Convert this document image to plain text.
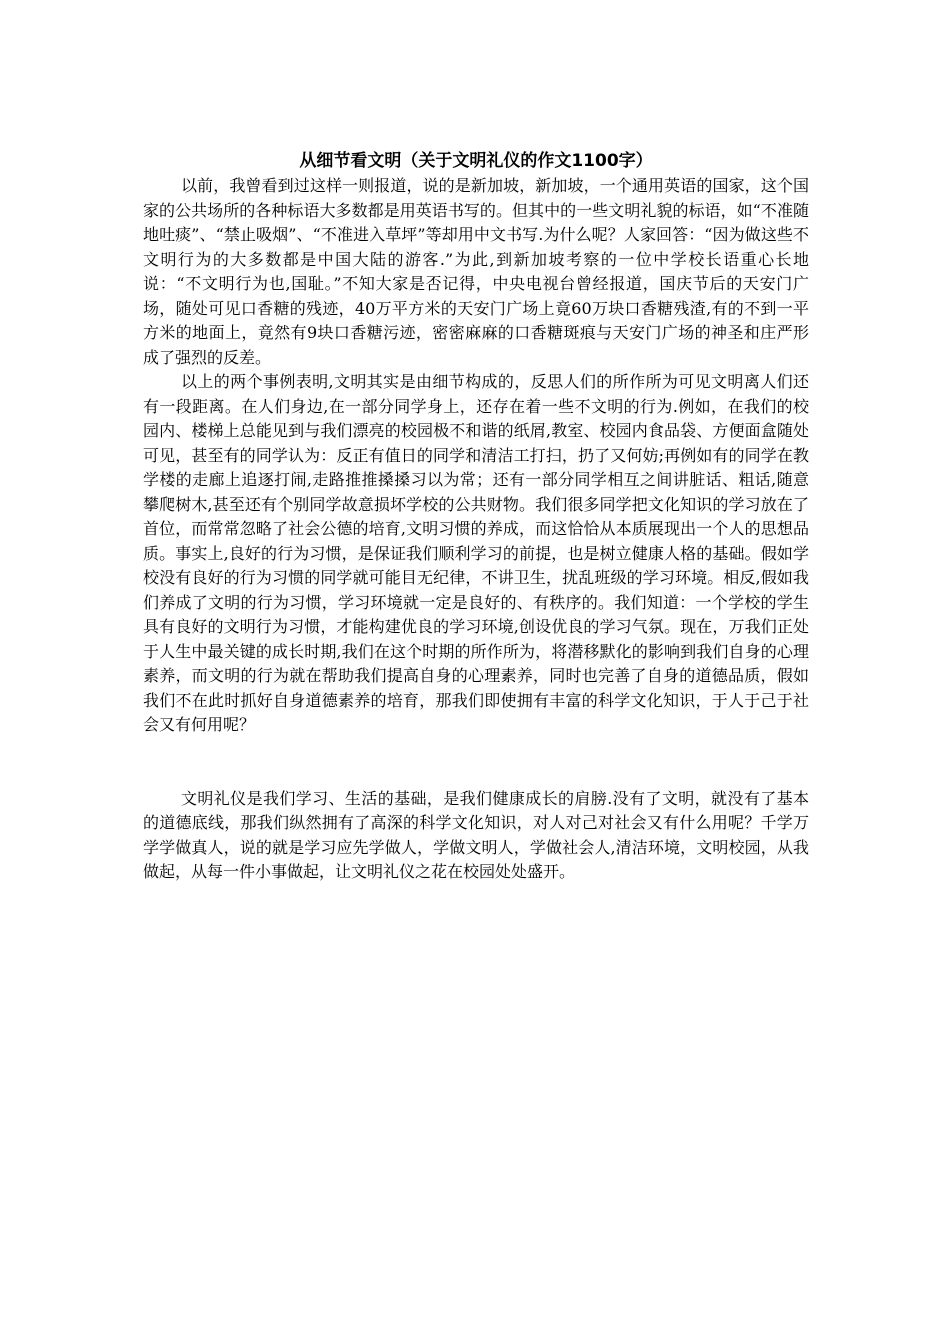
从细节看文明（关于文明礼仪的作文1100字）

以前，我曾看到过这样一则报道，说的是新加坡，新加坡，一个通用英语的国家，这个国家的公共场所的各种标语大多数都是用英语书写的。但其中的一些文明礼貌的标语，如“不准随地吐痰”、“禁止吸烟”、“不准进入草坪”等却用中文书写.为什么呢？人家回答：“因为做这些不文明行为的大多数都是中国大陆的游客.”为此,到新加坡考察的一位中学校长语重心长地说：“不文明行为也,国耻。”不知大家是否记得，中央电视台曾经报道，国庆节后的天安门广场，随处可见口香糖的残迹，40万平方米的天安门广场上竟60万块口香糖残渣,有的不到一平方米的地面上，竟然有9块口香糖污迹，密密麻麻的口香糖斑痕与天安门广场的神圣和庄严形成了强烈的反差。

以上的两个事例表明,文明其实是由细节构成的，反思人们的所作所为可见文明离人们还有一段距离。在人们身边,在一部分同学身上，还存在着一些不文明的行为.例如，在我们的校园内、楼梯上总能见到与我们漂亮的校园极不和谐的纸屑,教室、校园内食品袋、方便面盒随处可见，甚至有的同学认为：反正有值日的同学和清洁工打扫，扔了又何妨;再例如有的同学在教学楼的走廊上追逐打闹,走路推推搡搡习以为常；还有一部分同学相互之间讲脏话、粗话,随意攀爬树木,甚至还有个别同学故意损坏学校的公共财物。我们很多同学把文化知识的学习放在了首位，而常常忽略了社会公德的培育,文明习惯的养成，而这恰恰从本质展现出一个人的思想品质。事实上,良好的行为习惯，是保证我们顺利学习的前提，也是树立健康人格的基础。假如学校没有良好的行为习惯的同学就可能目无纪律，不讲卫生，扰乱班级的学习环境。相反,假如我们养成了文明的行为习惯，学习环境就一定是良好的、有秩序的。我们知道：一个学校的学生具有良好的文明行为习惯，才能构建优良的学习环境,创设优良的学习气氛。现在，万我们正处于人生中最关键的成长时期,我们在这个时期的所作所为，将潜移默化的影响到我们自身的心理素养，而文明的行为就在帮助我们提高自身的心理素养，同时也完善了自身的道德品质，假如我们不在此时抓好自身道德素养的培育，那我们即使拥有丰富的科学文化知识，于人于己于社会又有何用呢？

文明礼仪是我们学习、生活的基础，是我们健康成长的肩膀.没有了文明，就没有了基本的道德底线，那我们纵然拥有了高深的科学文化知识，对人对己对社会又有什么用呢？千学万学学做真人，说的就是学习应先学做人，学做文明人，学做社会人,清洁环境，文明校园，从我做起，从每一件小事做起，让文明礼仪之花在校园处处盛开。
